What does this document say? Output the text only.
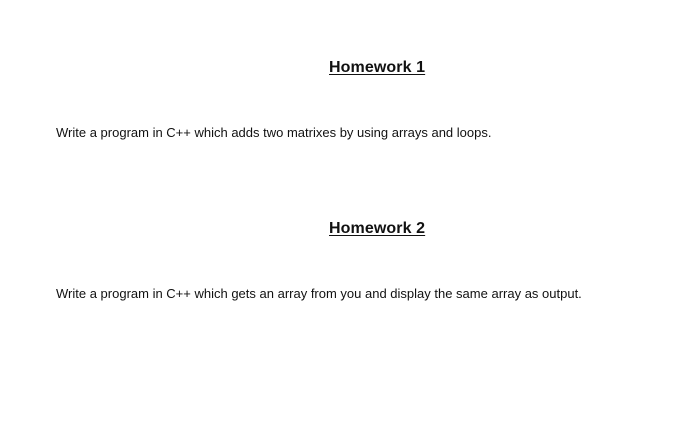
Homework 1
Write a program in C++ which adds two matrixes by using arrays and loops.
Homework 2
Write a program in C++ which gets an array from you and display the same array as output.
